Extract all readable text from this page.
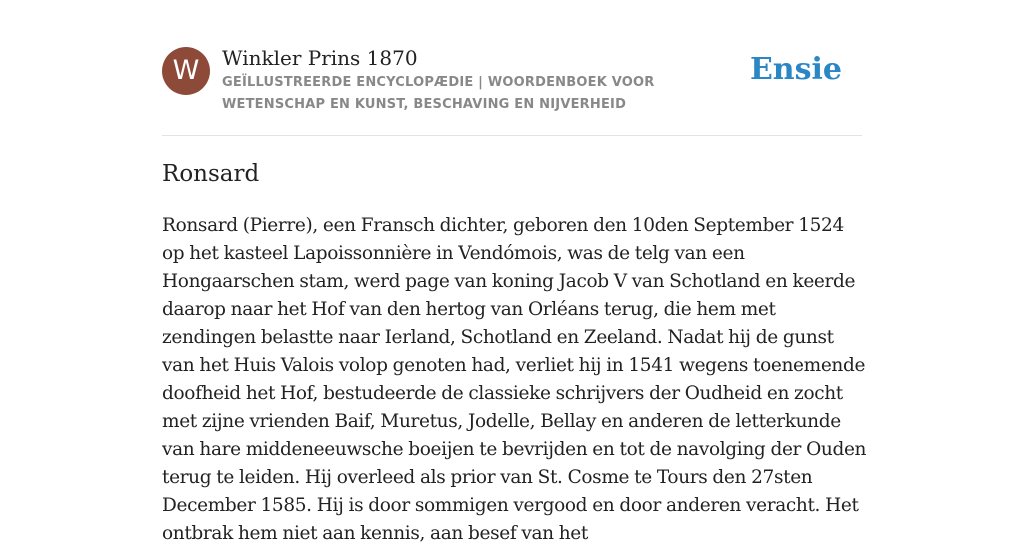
W	Winkler Prins 1870
GEÏLLUSTREERDE ENCYCLOPÆDIE | WOORDENBOEK VOOR WETENSCHAP EN KUNST, BESCHAVING EN NIJVERHEID
Ensie
Ronsard

Ronsard (Pierre), een Fransch dichter, geboren den 10den September 1524 op het kasteel Lapoissonnière in Vendómois, was de telg van een Hongaarschen stam, werd page van koning Jacob V van Schotland en keerde daarop naar het Hof van den hertog van Orléans terug, die hem met zendingen belastte naar Ierland, Schotland en Zeeland. Nadat hij de gunst van het Huis Valois volop genoten had, verliet hij in 1541 wegens toenemende doofheid het Hof, bestudeerde de classieke schrijvers der Oudheid en zocht met zijne vrienden Baif, Muretus, Jodelle, Bellay en anderen de letterkunde van hare middeneeuwsche boeijen te bevrijden en tot de navolging der Ouden terug te leiden. Hij overleed als prior van St. Cosme te Tours den 27sten December 1585. Hij is door sommigen vergood en door anderen veracht. Het ontbrak hem niet aan kennis, aan besef van het
